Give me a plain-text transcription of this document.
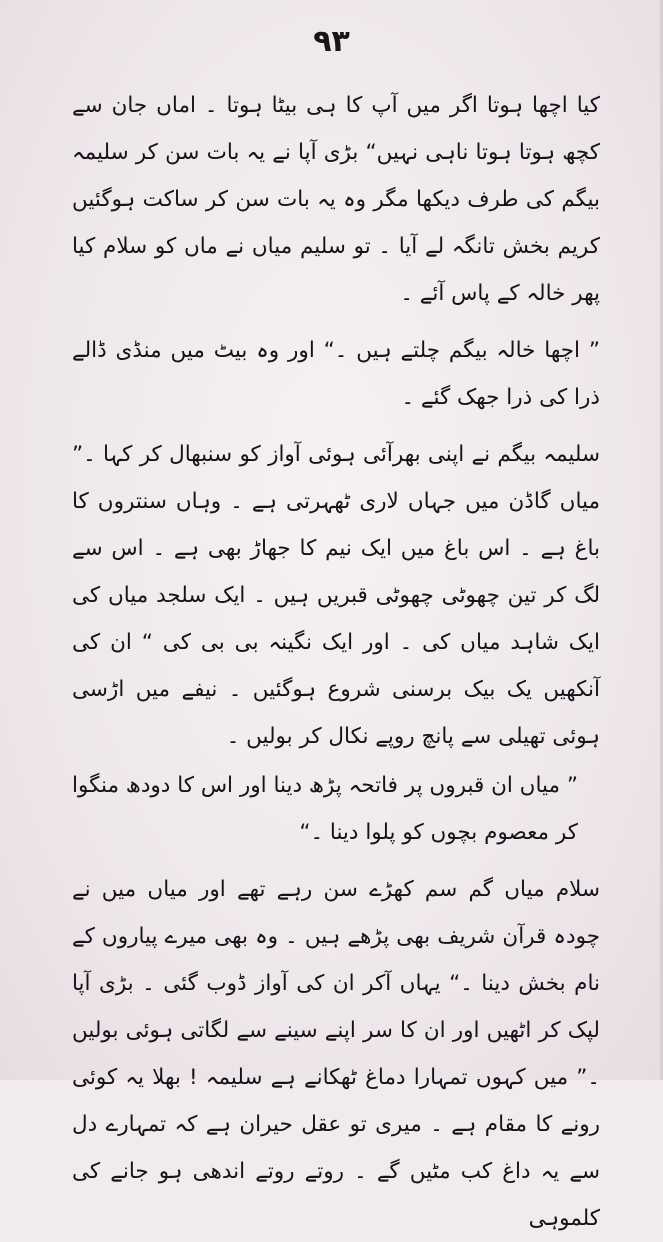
۹۳

کیا اچھا ہوتا اگر میں آپ کا ہی بیٹا ہوتا ۔ اماں جان سے کچھ ہوتا ہوتا ناہی نہیں“ بڑی آپا نے یہ بات سن کر سلیمہ بیگم کی طرف دیکھا مگر وہ یہ بات سن کر ساکت ہوگئیں کریم بخش تانگہ لے آیا ۔ تو سلیم میاں نے ماں کو سلام کیا پھر خالہ کے پاس آئے ۔

” اچھا خالہ بیگم چلتے ہیں ۔“ اور وہ بیٹ میں منڈی ڈالے ذرا کی ذرا جھک گئے ۔

سلیمہ بیگم نے اپنی بھرآئی ہوئی آواز کو سنبھال کر کہا ۔” میاں گاڈن میں جہاں لاری ٹھہرتی ہے ۔ وہاں سنتروں کا باغ ہے ۔ اس باغ میں ایک نیم کا جھاڑ بھی ہے ۔ اس سے لگ کر تین چھوٹی چھوٹی قبریں ہیں ۔ ایک سلجد میاں کی ایک شاہد میاں کی ۔ اور ایک نگینہ بی بی کی “ ان کی آنکھیں یک بیک برسنی شروع ہوگئیں ۔ نیفے میں اڑسی ہوئی تھیلی سے پانچ روپے نکال کر بولیں ۔

” میاں ان قبروں پر فاتحہ پڑھ دینا اور اس کا دودھ منگوا کر معصوم بچوں کو پلوا دینا ۔“

سلام میاں گم سم کھڑے سن رہے تھے اور میاں میں نے چودہ قرآن شریف بھی پڑھے ہیں ۔ وہ بھی میرے پیاروں کے نام بخش دینا ۔“ یہاں آکر ان کی آواز ڈوب گئی ۔ بڑی آپا لپک کر اٹھیں اور ان کا سر اپنے سینے سے لگاتی ہوئی بولیں ۔” میں کہوں تمہارا دماغ ٹھکانے ہے سلیمہ ! بھلا یہ کوئی رونے کا مقام ہے ۔ میری تو عقل حیران ہے کہ تمہارے دل سے یہ داغ کب مٹیں گے ۔ روتے روتے اندھی ہو جانے کی کلموہی
